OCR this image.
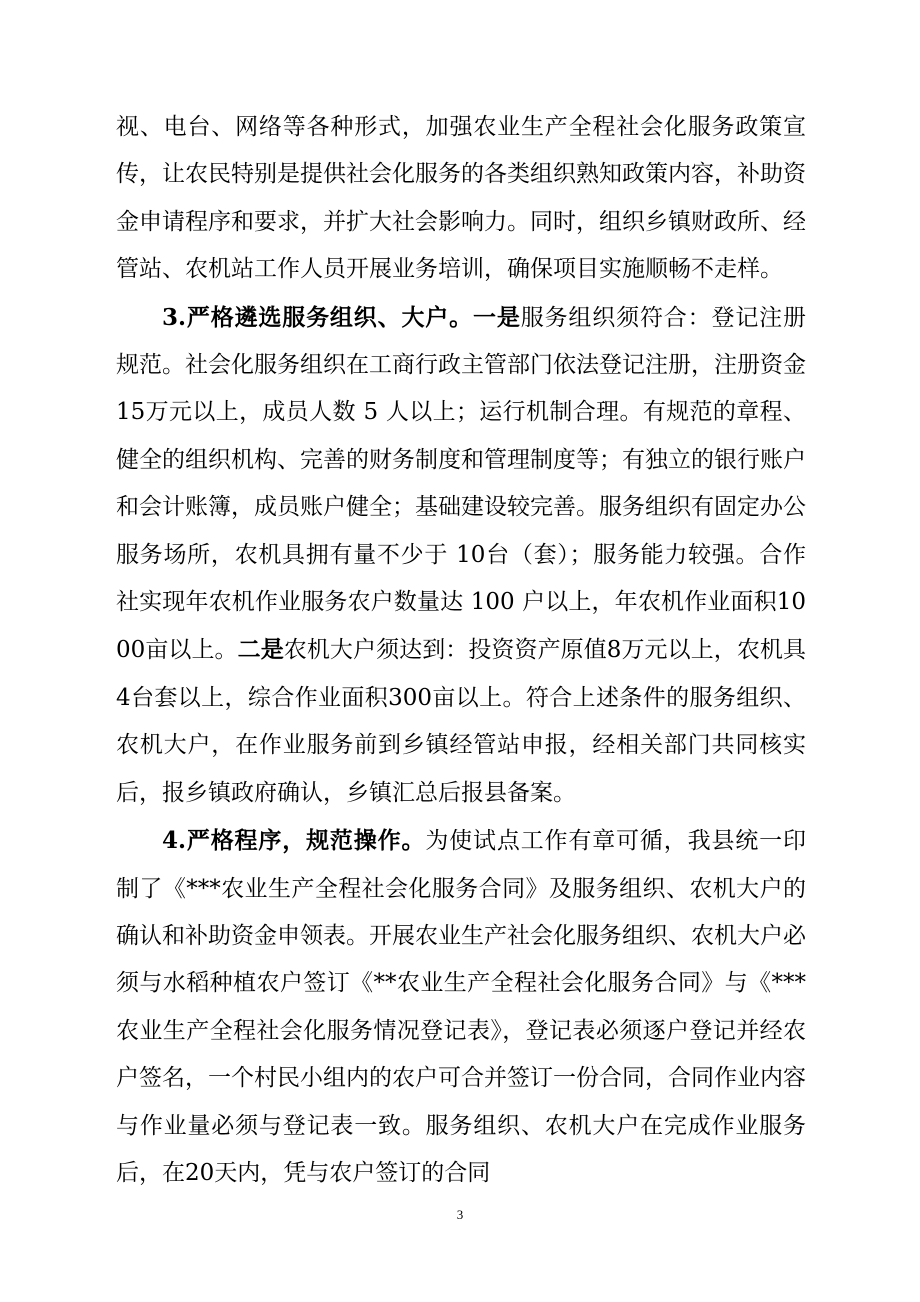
视、电台、网络等各种形式，加强农业生产全程社会化服务政策宣传，让农民特别是提供社会化服务的各类组织熟知政策内容，补助资金申请程序和要求，并扩大社会影响力。同时，组织乡镇财政所、经管站、农机站工作人员开展业务培训，确保项目实施顺畅不走样。

3.严格遴选服务组织、大户。一是服务组织须符合：登记注册规范。社会化服务组织在工商行政主管部门依法登记注册，注册资金15万元以上，成员人数 5 人以上；运行机制合理。有规范的章程、健全的组织机构、完善的财务制度和管理制度等；有独立的银行账户和会计账簿，成员账户健全；基础建设较完善。服务组织有固定办公服务场所，农机具拥有量不少于 10台（套）；服务能力较强。合作社实现年农机作业服务农户数量达 100 户以上，年农机作业面积1000亩以上。二是农机大户须达到：投资资产原值8万元以上，农机具4台套以上，综合作业面积300亩以上。符合上述条件的服务组织、农机大户，在作业服务前到乡镇经管站申报，经相关部门共同核实后，报乡镇政府确认，乡镇汇总后报县备案。

4.严格程序，规范操作。为使试点工作有章可循，我县统一印制了《***农业生产全程社会化服务合同》及服务组织、农机大户的确认和补助资金申领表。开展农业生产社会化服务组织、农机大户必须与水稻种植农户签订《**农业生产全程社会化服务合同》与《***农业生产全程社会化服务情况登记表》，登记表必须逐户登记并经农户签名，一个村民小组内的农户可合并签订一份合同，合同作业内容与作业量必须与登记表一致。服务组织、农机大户在完成作业服务后，在20天内，凭与农户签订的合同

3
